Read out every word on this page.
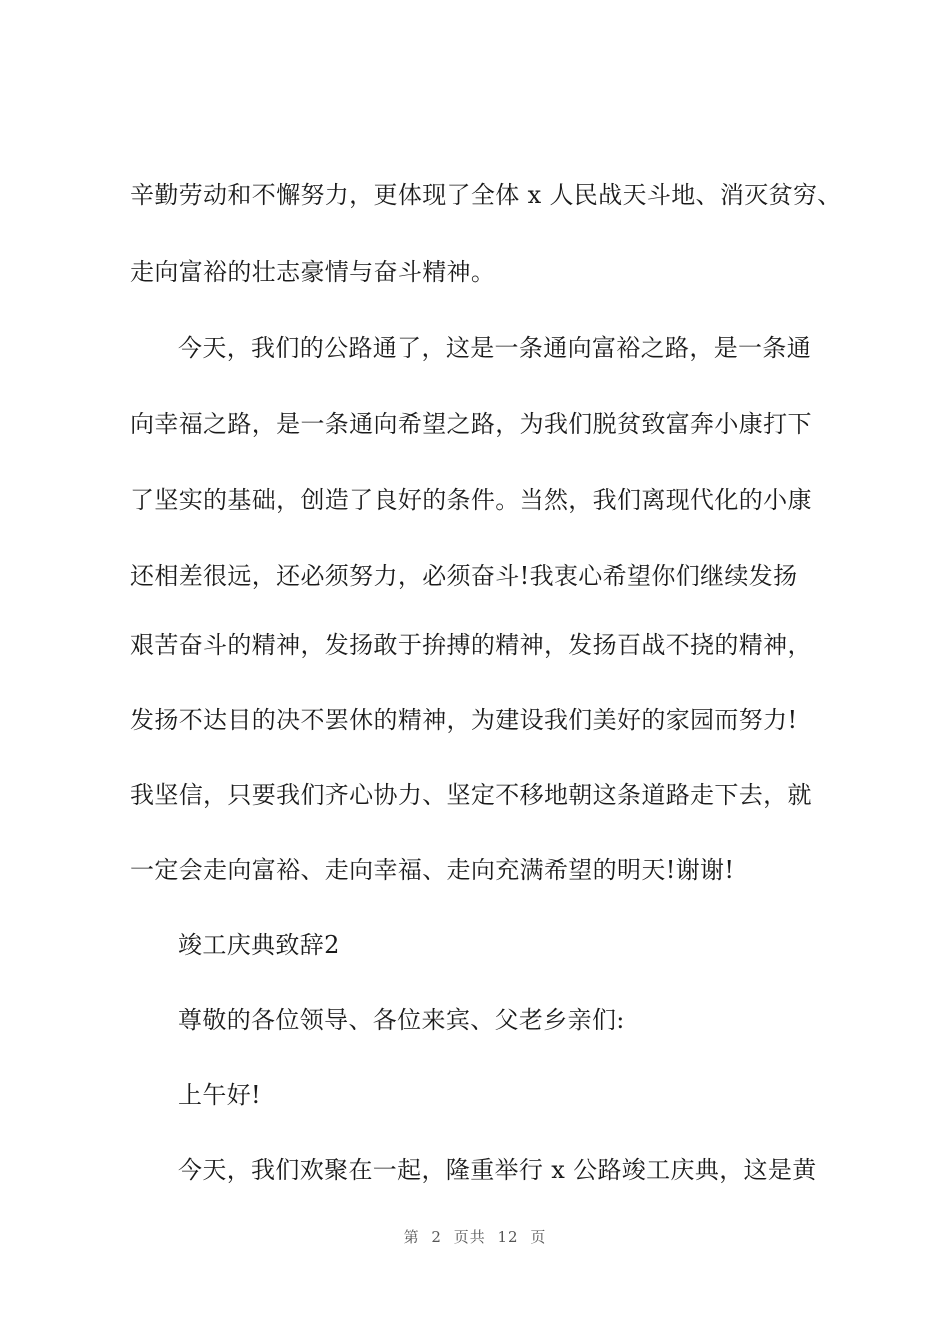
辛勤劳动和不懈努力，更体现了全体 x 人民战天斗地、消灭贫穷、
走向富裕的壮志豪情与奋斗精神。
今天，我们的公路通了，这是一条通向富裕之路，是一条通
向幸福之路，是一条通向希望之路，为我们脱贫致富奔小康打下
了坚实的基础，创造了良好的条件。当然，我们离现代化的小康
还相差很远，还必须努力，必须奋斗!我衷心希望你们继续发扬
艰苦奋斗的精神，发扬敢于拚搏的精神，发扬百战不挠的精神，
发扬不达目的决不罢休的精神，为建设我们美好的家园而努力!
我坚信，只要我们齐心协力、坚定不移地朝这条道路走下去，就
一定会走向富裕、走向幸福、走向充满希望的明天!谢谢!
竣工庆典致辞2
尊敬的各位领导、各位来宾、父老乡亲们:
上午好!
今天，我们欢聚在一起，隆重举行 x 公路竣工庆典，这是黄
第 2 页共 12 页
